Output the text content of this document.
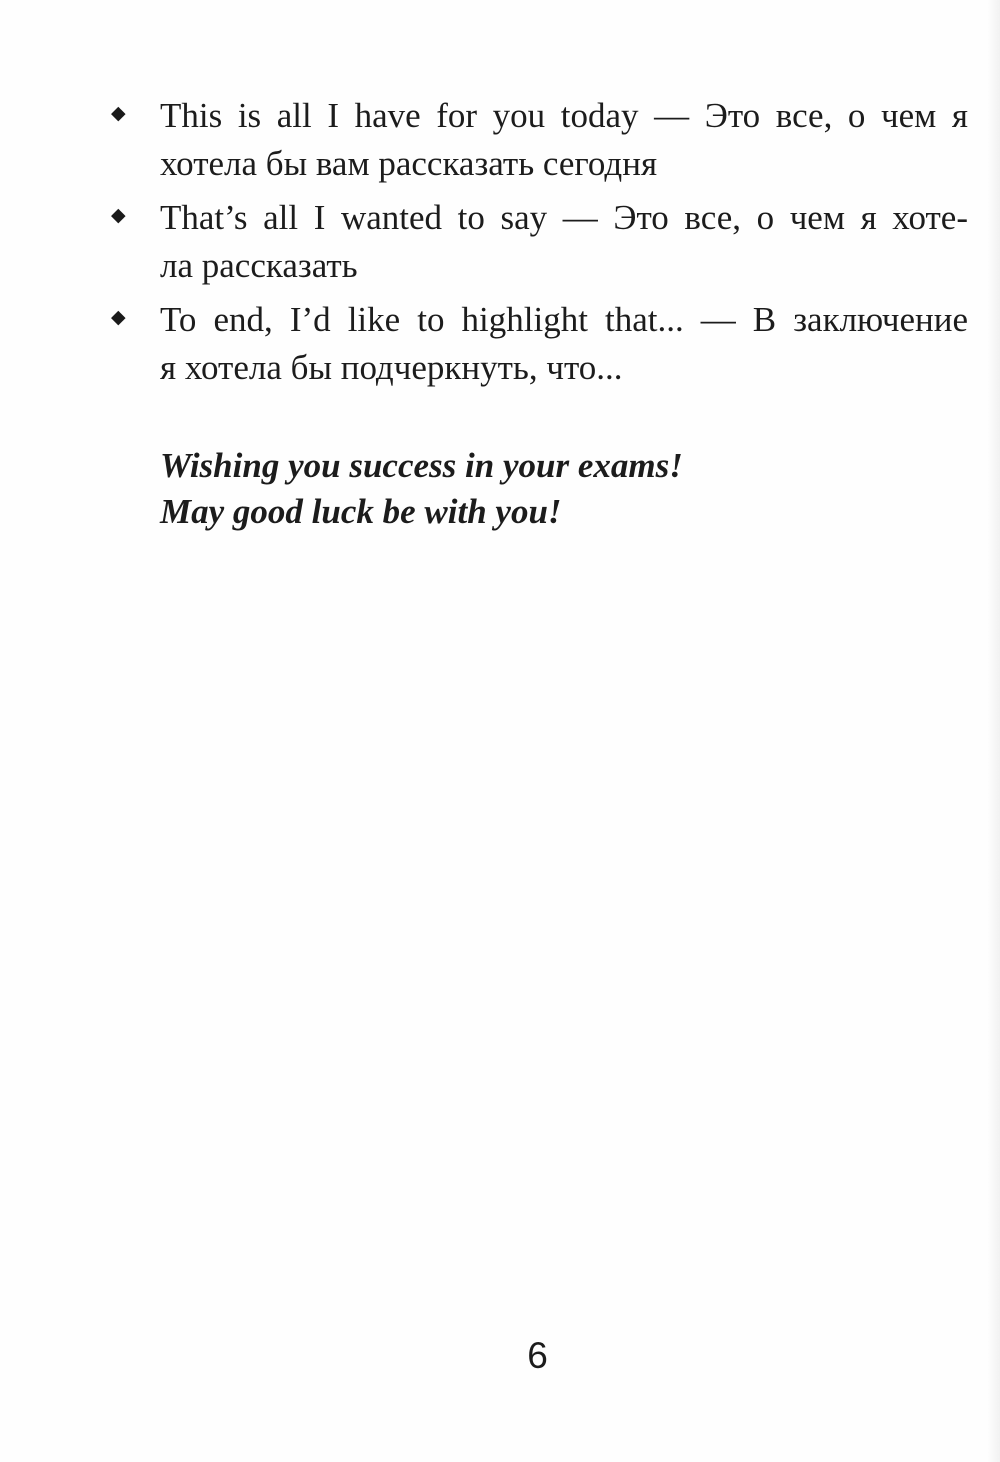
◆ This is all I have for you today — Это все, о чем я
хотела бы вам рассказать сегодня
◆ That’s all I wanted to say — Это все, о чем я хоте-
ла рассказать
◆ To end, I’d like to highlight that... — В заключение
я хотела бы подчеркнуть, что...
Wishing you success in your exams!
May good luck be with you!
6
